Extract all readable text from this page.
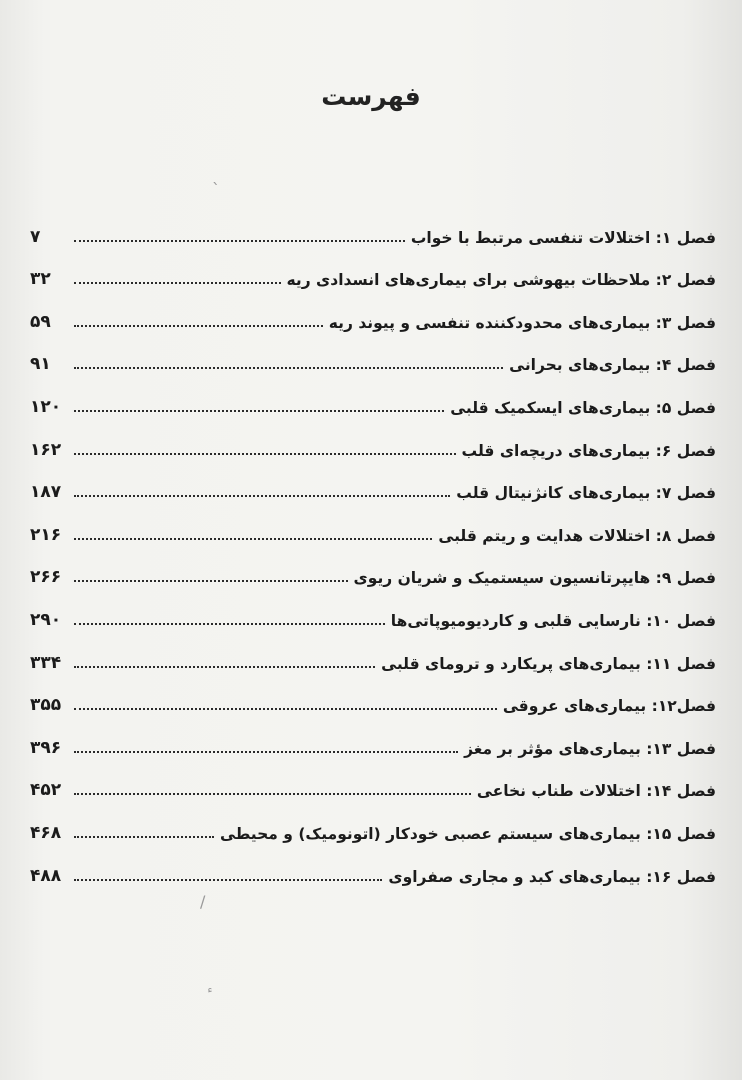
فهرست
فصل ۱: اختلالات تنفسی مرتبط با خواب
۷
فصل ۲: ملاحظات بیهوشی برای بیماری‌های انسدادی ریه
۳۲
فصل ۳: بیماری‌های محدودکننده تنفسی و پیوند ریه
۵۹
فصل ۴: بیماری‌های بحرانی
۹۱
فصل ۵: بیماری‌های ایسکمیک قلبی
۱۲۰
فصل ۶: بیماری‌های دریچه‌ای قلب
۱۶۲
فصل ۷: بیماری‌های کانژنیتال قلب
۱۸۷
فصل ۸: اختلالات هدایت و ریتم قلبی
۲۱۶
فصل ۹: هایپرتانسیون سیستمیک و شریان ریوی
۲۶۶
فصل ۱۰: نارسایی قلبی و کاردیومیوپاتی‌ها
۲۹۰
فصل ۱۱: بیماری‌های پریکارد و ترومای قلبی
۳۳۴
فصل۱۲: بیماری‌های عروقی
۳۵۵
فصل ۱۳: بیماری‌های مؤثر بر مغز
۳۹۶
فصل ۱۴: اختلالات طناب نخاعی
۴۵۲
فصل ۱۵: بیماری‌های سیستم عصبی خودکار (اتونومیک) و محیطی
۴۶۸
فصل ۱۶: بیماری‌های کبد و مجاری صفراوی
۴۸۸
`
/
